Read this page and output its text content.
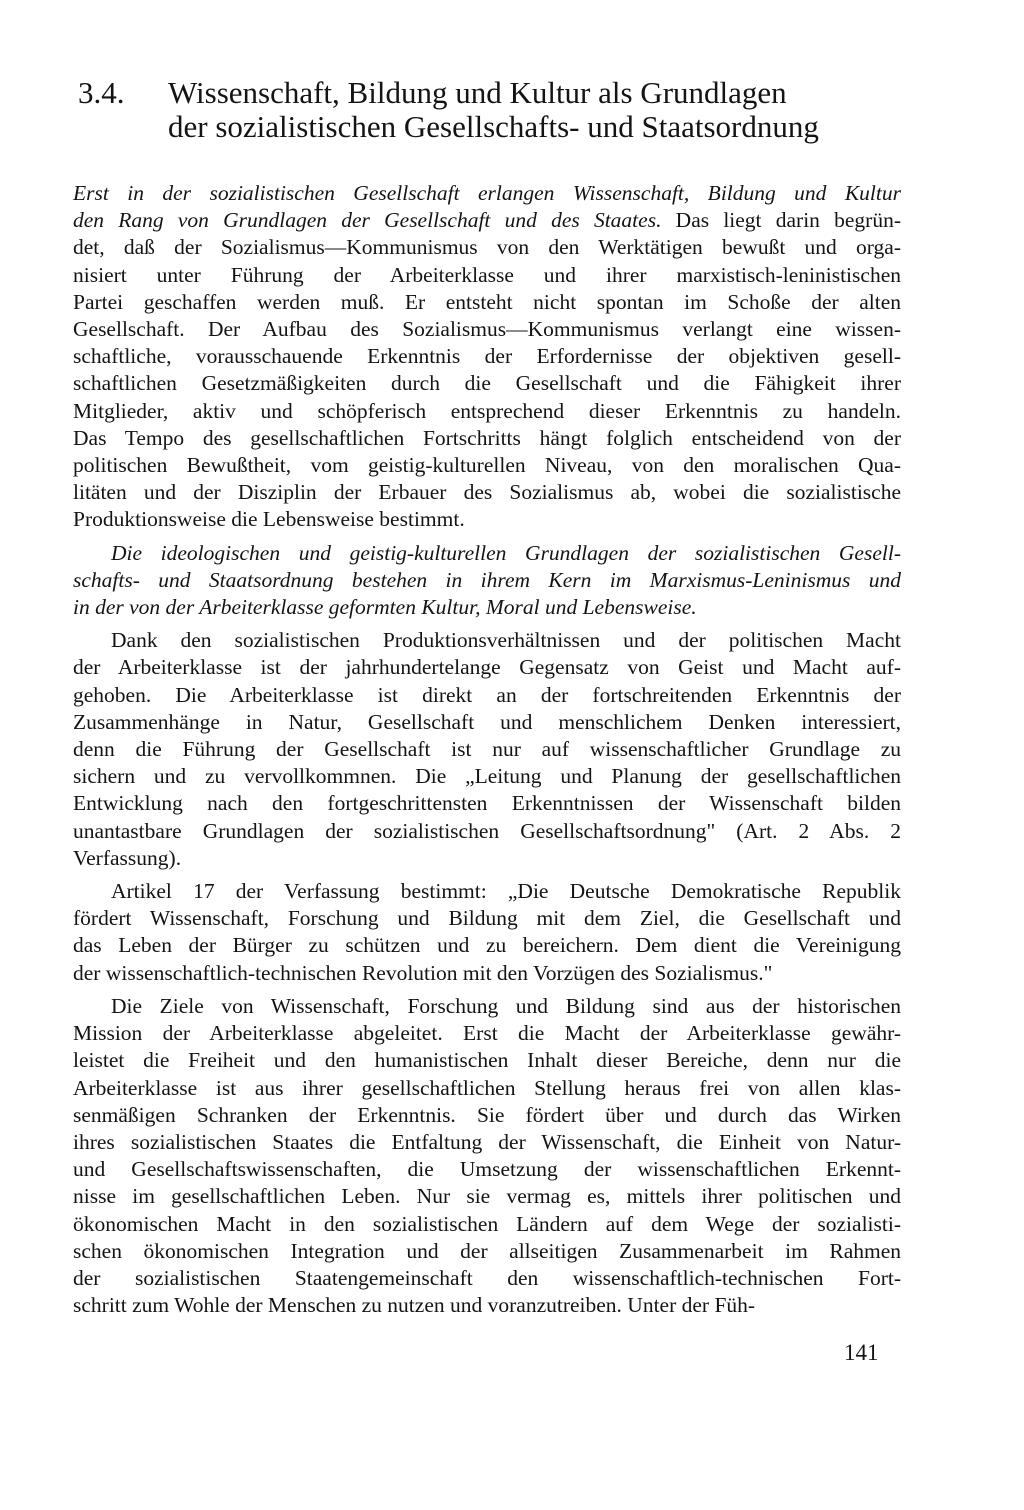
3.4. Wissenschaft, Bildung und Kultur als Grundlagen
der sozialistischen Gesellschafts- und Staatsordnung
Erst in der sozialistischen Gesellschaft erlangen Wissenschaft, Bildung und Kultur
den Rang von Grundlagen der Gesellschaft und des Staates. Das liegt darin begrün-
det, daß der Sozialismus—Kommunismus von den Werktätigen bewußt und orga-
nisiert unter Führung der Arbeiterklasse und ihrer marxistisch-leninistischen
Partei geschaffen werden muß. Er entsteht nicht spontan im Schoße der alten
Gesellschaft. Der Aufbau des Sozialismus—Kommunismus verlangt eine wissen-
schaftliche, vorausschauende Erkenntnis der Erfordernisse der objektiven gesell-
schaftlichen Gesetzmäßigkeiten durch die Gesellschaft und die Fähigkeit ihrer
Mitglieder, aktiv und schöpferisch entsprechend dieser Erkenntnis zu handeln.
Das Tempo des gesellschaftlichen Fortschritts hängt folglich entscheidend von der
politischen Bewußtheit, vom geistig-kulturellen Niveau, von den moralischen Qua-
litäten und der Disziplin der Erbauer des Sozialismus ab, wobei die sozialistische
Produktionsweise die Lebensweise bestimmt.
Die ideologischen und geistig-kulturellen Grundlagen der sozialistischen Gesell-
schafts- und Staatsordnung bestehen in ihrem Kern im Marxismus-Leninismus und
in der von der Arbeiterklasse geformten Kultur, Moral und Lebensweise.
Dank den sozialistischen Produktionsverhältnissen und der politischen Macht
der Arbeiterklasse ist der jahrhundertelange Gegensatz von Geist und Macht auf-
gehoben. Die Arbeiterklasse ist direkt an der fortschreitenden Erkenntnis der
Zusammenhänge in Natur, Gesellschaft und menschlichem Denken interessiert,
denn die Führung der Gesellschaft ist nur auf wissenschaftlicher Grundlage zu
sichern und zu vervollkommnen. Die „Leitung und Planung der gesellschaftlichen
Entwicklung nach den fortgeschrittensten Erkenntnissen der Wissenschaft bilden
unantastbare Grundlagen der sozialistischen Gesellschaftsordnung" (Art. 2 Abs. 2
Verfassung).
Artikel 17 der Verfassung bestimmt: „Die Deutsche Demokratische Republik
fördert Wissenschaft, Forschung und Bildung mit dem Ziel, die Gesellschaft und
das Leben der Bürger zu schützen und zu bereichern. Dem dient die Vereinigung
der wissenschaftlich-technischen Revolution mit den Vorzügen des Sozialismus."
Die Ziele von Wissenschaft, Forschung und Bildung sind aus der historischen
Mission der Arbeiterklasse abgeleitet. Erst die Macht der Arbeiterklasse gewähr-
leistet die Freiheit und den humanistischen Inhalt dieser Bereiche, denn nur die
Arbeiterklasse ist aus ihrer gesellschaftlichen Stellung heraus frei von allen klas-
senmäßigen Schranken der Erkenntnis. Sie fördert über und durch das Wirken
ihres sozialistischen Staates die Entfaltung der Wissenschaft, die Einheit von Natur-
und Gesellschaftswissenschaften, die Umsetzung der wissenschaftlichen Erkennt-
nisse im gesellschaftlichen Leben. Nur sie vermag es, mittels ihrer politischen und
ökonomischen Macht in den sozialistischen Ländern auf dem Wege der sozialisti-
schen ökonomischen Integration und der allseitigen Zusammenarbeit im Rahmen
der sozialistischen Staatengemeinschaft den wissenschaftlich-technischen Fort-
schritt zum Wohle der Menschen zu nutzen und voranzutreiben. Unter der Füh-
141
